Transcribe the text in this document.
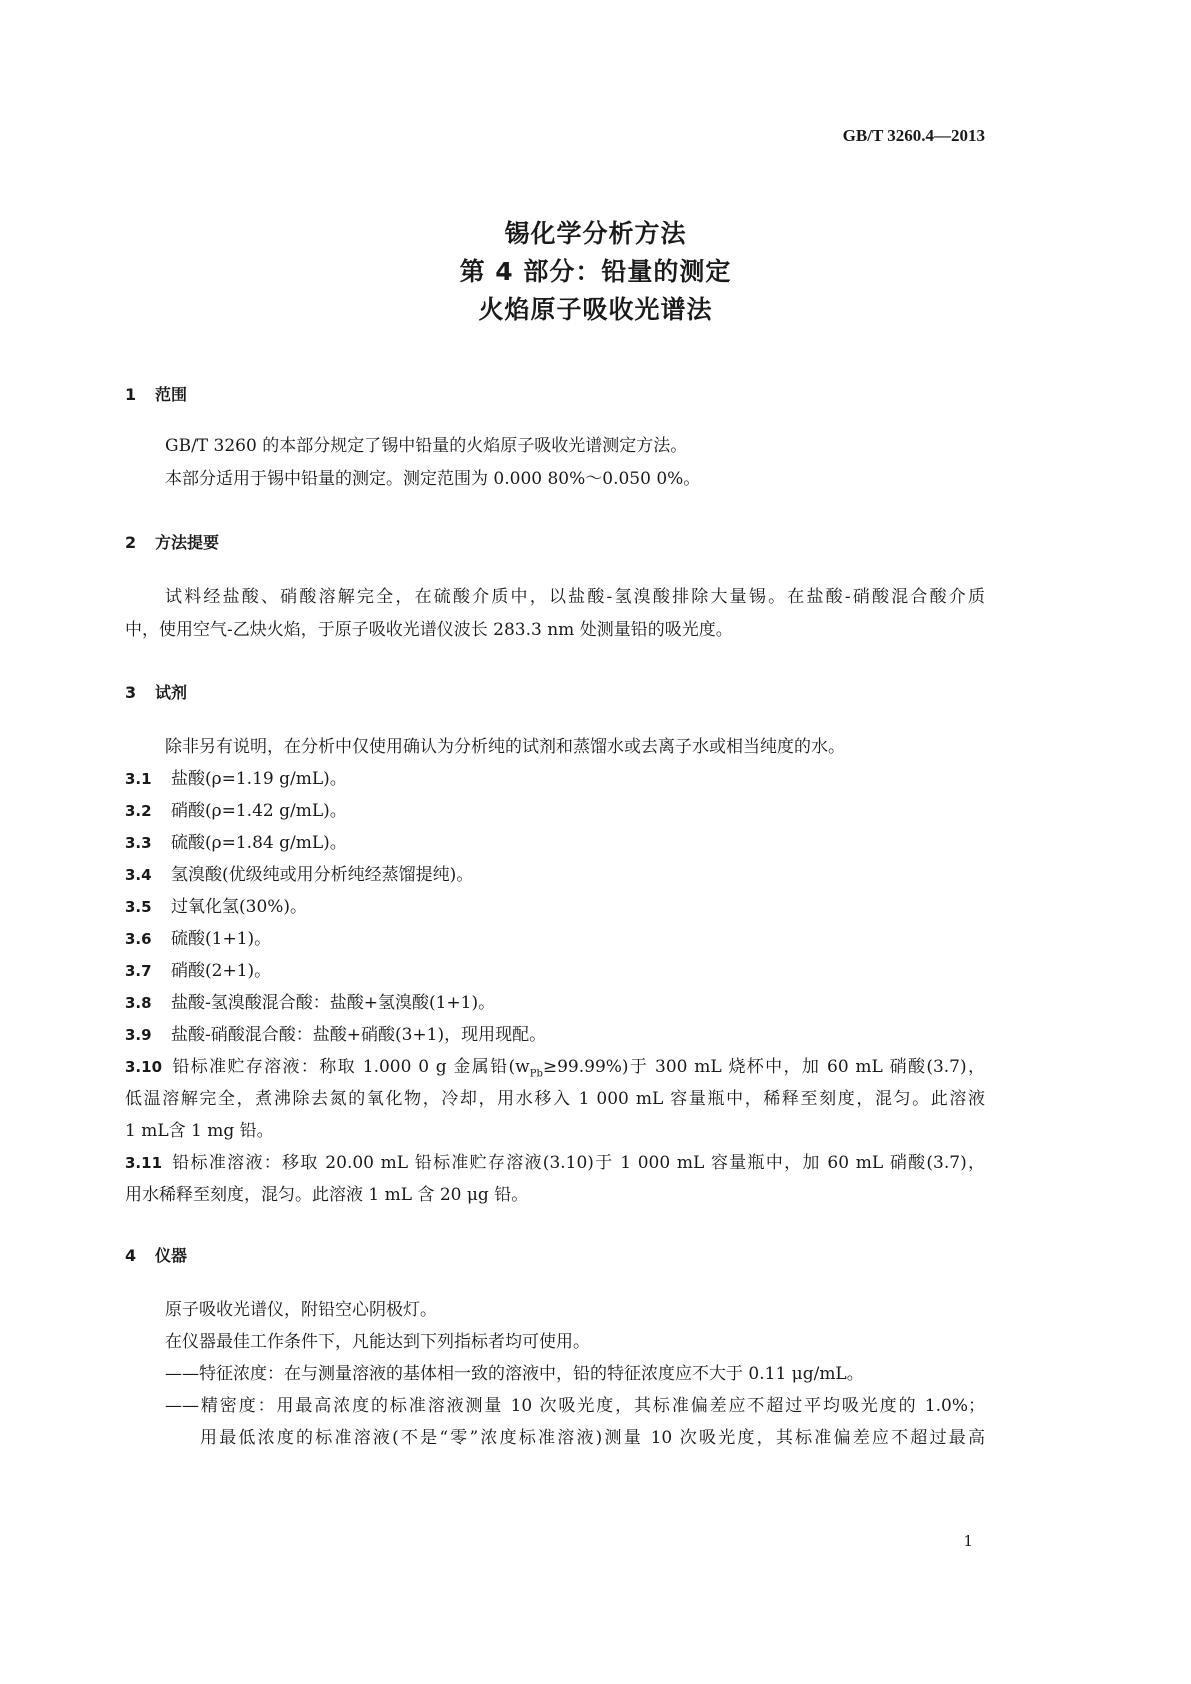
GB/T 3260.4—2013
锡化学分析方法
第 4 部分：铅量的测定
火焰原子吸收光谱法
1 范围
GB/T 3260 的本部分规定了锡中铅量的火焰原子吸收光谱测定方法。
本部分适用于锡中铅量的测定。测定范围为 0.000 80%～0.050 0%。
2 方法提要
试料经盐酸、硝酸溶解完全，在硫酸介质中，以盐酸-氢溴酸排除大量锡。在盐酸-硝酸混合酸介质
中，使用空气-乙炔火焰，于原子吸收光谱仪波长 283.3 nm 处测量铅的吸光度。
3 试剂
除非另有说明，在分析中仅使用确认为分析纯的试剂和蒸馏水或去离子水或相当纯度的水。
3.1 盐酸(ρ=1.19 g/mL)。
3.2 硝酸(ρ=1.42 g/mL)。
3.3 硫酸(ρ=1.84 g/mL)。
3.4 氢溴酸(优级纯或用分析纯经蒸馏提纯)。
3.5 过氧化氢(30%)。
3.6 硫酸(1+1)。
3.7 硝酸(2+1)。
3.8 盐酸-氢溴酸混合酸：盐酸+氢溴酸(1+1)。
3.9 盐酸-硝酸混合酸：盐酸+硝酸(3+1)，现用现配。
3.10 铅标准贮存溶液：称取 1.000 0 g 金属铅$(w_{Pb}\ge 99.99\%)$于 300 mL 烧杯中，加 60 mL 硝酸(3.7)，
低温溶解完全，煮沸除去氮的氧化物，冷却，用水移入 1 000 mL 容量瓶中，稀释至刻度，混匀。此溶液
1 mL含 1 mg 铅。
3.11 铅标准溶液：移取 20.00 mL 铅标准贮存溶液(3.10)于 1 000 mL 容量瓶中，加 60 mL 硝酸(3.7)，
用水稀释至刻度，混匀。此溶液 1 mL 含 20 μg 铅。
4 仪器
原子吸收光谱仪，附铅空心阴极灯。
在仪器最佳工作条件下，凡能达到下列指标者均可使用。
——特征浓度：在与测量溶液的基体相一致的溶液中，铅的特征浓度应不大于 0.11 μg/mL。
——精密度：用最高浓度的标准溶液测量 10 次吸光度，其标准偏差应不超过平均吸光度的 1.0%；
用最低浓度的标准溶液(不是“零”浓度标准溶液)测量 10 次吸光度，其标准偏差应不超过最高
1
